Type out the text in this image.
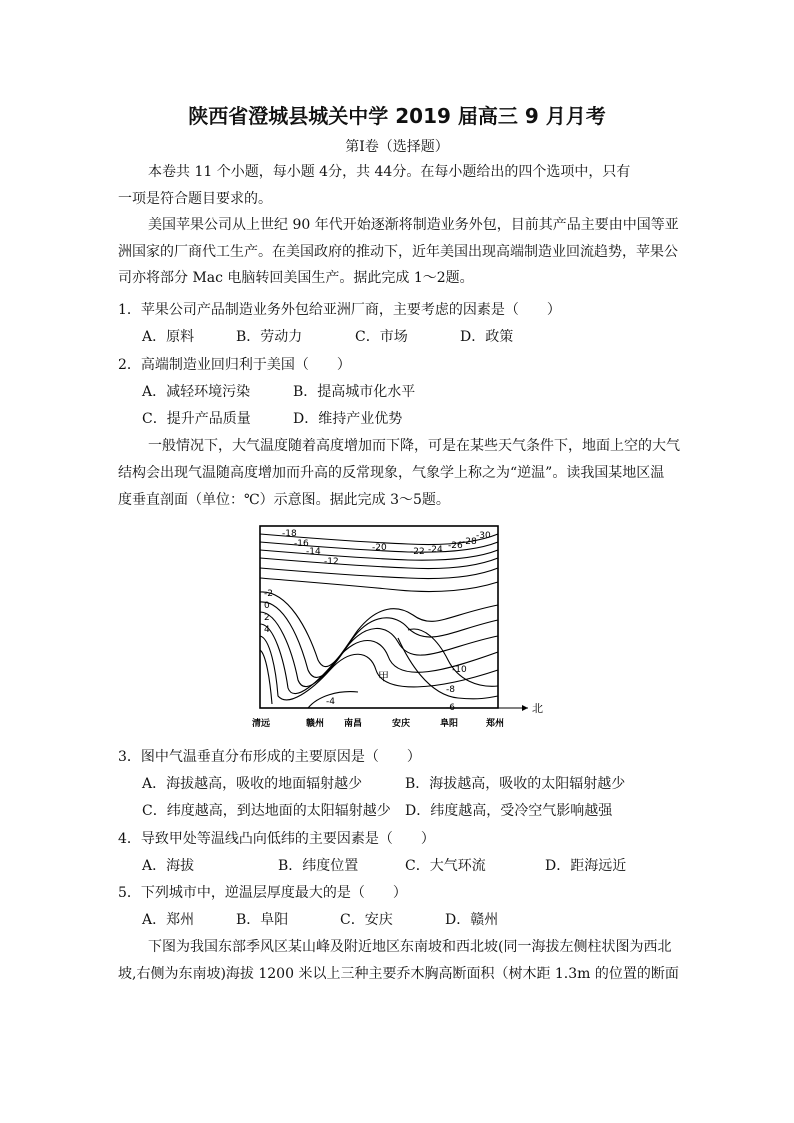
陕西省澄城县城关中学 2019 届高三 9 月月考
第Ⅰ卷（选择题）
本卷共 11 个小题，每小题 4分，共 44分。在每小题给出的四个选项中，只有
一项是符合题目要求的。
美国苹果公司从上世纪 90 年代开始逐渐将制造业务外包，目前其产品主要由中国等亚
洲国家的厂商代工生产。在美国政府的推动下，近年美国出现高端制造业回流趋势，苹果公
司亦将部分 Mac 电脑转回美国生产。据此完成 1～2题。
1．苹果公司产品制造业务外包给亚洲厂商，主要考虑的因素是（　　）
A．原料	B．劳动力	C．市场	D．政策
2．高端制造业回归利于美国（　　）
A．减轻环境污染	B．提高城市化水平
C．提升产品质量	D．维持产业优势
一般情况下，大气温度随着高度增加而下降，可是在某些天气条件下，地面上空的大气
结构会出现气温随高度增加而升高的反常现象，气象学上称之为“逆温”。读我国某地区温
度垂直剖面（单位：℃）示意图。据此完成 3～5题。
-18
-16
-14
-12
-20	-22 -24 -26 -28
-30
-2
0
2
4
-10
-8
-6
-4
甲
清远	赣州 南昌	安庆	阜阳	郑州
北
3．图中气温垂直分布形成的主要原因是（　　）
A．海拔越高，吸收的地面辐射越少	B．海拔越高，吸收的太阳辐射越少
C．纬度越高，到达地面的太阳辐射越少 D．纬度越高，受冷空气影响越强
4．导致甲处等温线凸向低纬的主要因素是（　　）
A．海拔	B．纬度位置	C．大气环流	D．距海远近
5．下列城市中，逆温层厚度最大的是（　　）
A．郑州	B．阜阳	C．安庆	D．赣州
下图为我国东部季风区某山峰及附近地区东南坡和西北坡(同一海拔左侧柱状图为西北
坡,右侧为东南坡)海拔 1200 米以上三种主要乔木胸高断面积（树木距 1.3m 的位置的断面
